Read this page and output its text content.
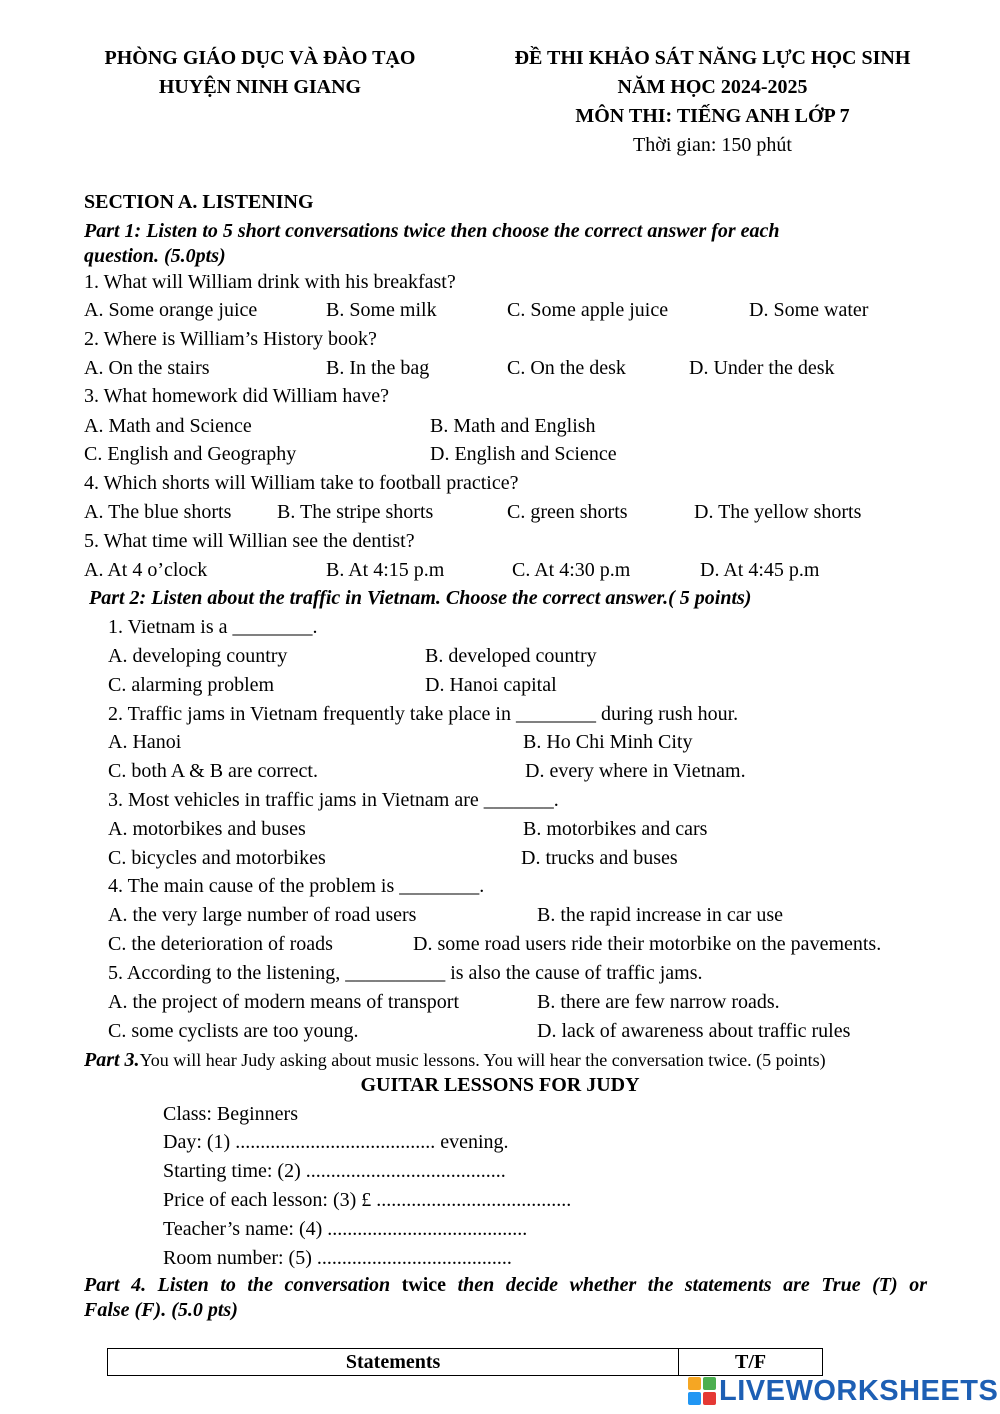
PHÒNG GIÁO DỤC VÀ ĐÀO TẠO
HUYỆN NINH GIANG
ĐỀ THI KHẢO SÁT NĂNG LỰC HỌC SINH
NĂM HỌC 2024-2025
MÔN THI: TIẾNG ANH LỚP 7
Thời gian: 150 phút
SECTION A. LISTENING
Part 1: Listen to 5 short conversations twice then choose the correct answer for each
question. (5.0pts)
1. What will William drink with his breakfast?
A. Some orange juice	B. Some milk	C. Some apple juice	D. Some water
2. Where is William’s History book?
A. On the stairs	B. In the bag	C. On the desk	D. Under the desk
3. What homework did William have?
A. Math and Science	B. Math and English
C. English and Geography	D. English and Science
4. Which shorts will William take to football practice?
A. The blue shorts B. The stripe shorts	C. green shorts	D. The yellow shorts
5. What time will Willian see the dentist?
A. At 4 o’clock	B. At 4:15 p.m	C. At 4:30 p.m	D. At 4:45 p.m
Part 2: Listen about the traffic in Vietnam. Choose the correct answer.( 5 points)
1. Vietnam is a ________.
A. developing country	B. developed country
C. alarming problem	D. Hanoi capital
2. Traffic jams in Vietnam frequently take place in ________ during rush hour.
A. Hanoi	B. Ho Chi Minh City
C. both A & B are correct.	D. every where in Vietnam.
3. Most vehicles in traffic jams in Vietnam are _______.
A. motorbikes and buses	B. motorbikes and cars
C. bicycles and motorbikes	D. trucks and buses
4. The main cause of the problem is ________.
A. the very large number of road users	B. the rapid increase in car use
C. the deterioration of roads	D. some road users ride their motorbike on the pavements.
5. According to the listening, __________ is also the cause of traffic jams.
A. the project of modern means of transport	B. there are few narrow roads.
C. some cyclists are too young.	D. lack of awareness about traffic rules
Part 3.You will hear Judy asking about music lessons. You will hear the conversation twice. (5 points)
GUITAR LESSONS FOR JUDY
Class: Beginners
Day: (1) ........................................ evening.
Starting time: (2) ........................................
Price of each lesson: (3) £ .......................................
Teacher’s name: (4) ........................................
Room number: (5) .......................................
Part 4. Listen to the conversation twice then decide whether the statements are True (T) or
False (F). (5.0 pts)
Statements	T/F
LIVEWORKSHEETS
